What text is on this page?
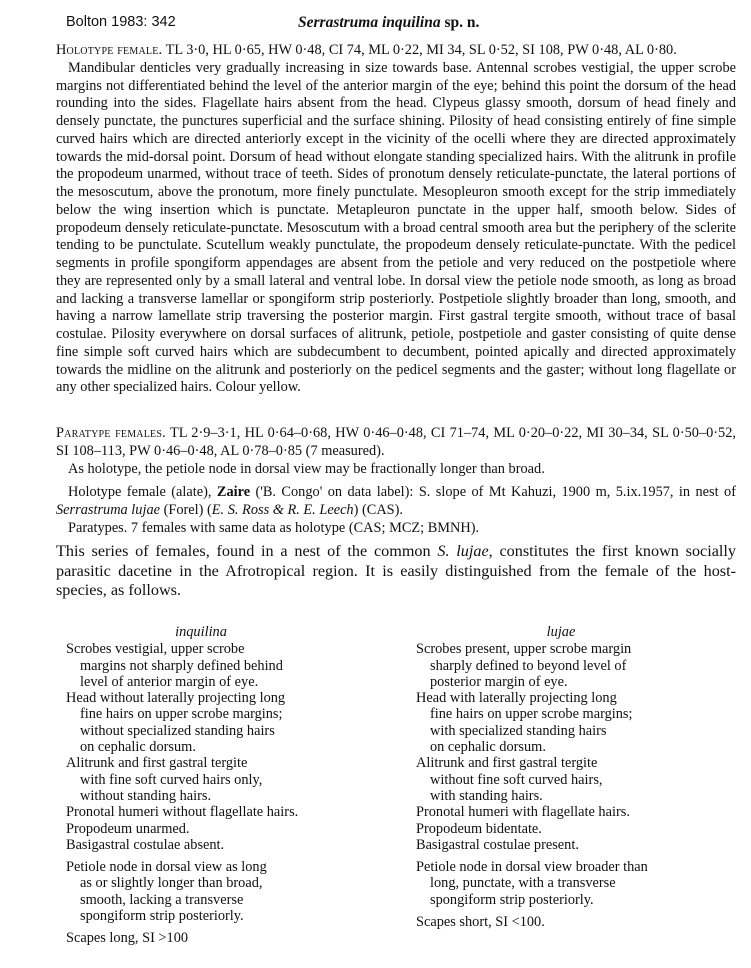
Bolton 1983: 342	Serrastruma inquilina sp. n.
Holotype female. TL 3·0, HL 0·65, HW 0·48, CI 74, ML 0·22, MI 34, SL 0·52, SI 108, PW 0·48, AL 0·80.
Mandibular denticles very gradually increasing in size towards base. Antennal scrobes vestigial, the upper scrobe margins not differentiated behind the level of the anterior margin of the eye; behind this point the dorsum of the head rounding into the sides. Flagellate hairs absent from the head. Clypeus glassy smooth, dorsum of head finely and densely punctate, the punctures superficial and the surface shining. Pilosity of head consisting entirely of fine simple curved hairs which are directed anteriorly except in the vicinity of the ocelli where they are directed approximately towards the mid-dorsal point. Dorsum of head without elongate standing specialized hairs. With the alitrunk in profile the propodeum unarmed, without trace of teeth. Sides of pronotum densely reticulate-punctate, the lateral portions of the mesoscutum, above the pronotum, more finely punctulate. Mesopleuron smooth except for the strip immediately below the wing insertion which is punctate. Metapleuron punctate in the upper half, smooth below. Sides of propodeum densely reticulate-punctate. Mesoscutum with a broad central smooth area but the periphery of the sclerite tending to be punctulate. Scutellum weakly punctulate, the propodeum densely reticulate-punctate. With the pedicel segments in profile spongiform appendages are absent from the petiole and very reduced on the postpetiole where they are represented only by a small lateral and ventral lobe. In dorsal view the petiole node smooth, as long as broad and lacking a transverse lamellar or spongiform strip posteriorly. Postpetiole slightly broader than long, smooth, and having a narrow lamellate strip traversing the posterior margin. First gastral tergite smooth, without trace of basal costulae. Pilosity everywhere on dorsal surfaces of alitrunk, petiole, postpetiole and gaster consisting of quite dense fine simple soft curved hairs which are subdecumbent to decumbent, pointed apically and directed approximately towards the midline on the alitrunk and posteriorly on the pedicel segments and the gaster; without long flagellate or any other specialized hairs. Colour yellow.
Paratype females. TL 2·9–3·1, HL 0·64–0·68, HW 0·46–0·48, CI 71–74, ML 0·20–0·22, MI 30–34, SL 0·50–0·52, SI 108–113, PW 0·46–0·48, AL 0·78–0·85 (7 measured).
As holotype, the petiole node in dorsal view may be fractionally longer than broad.
Holotype female (alate), Zaire ('B. Congo' on data label): S. slope of Mt Kahuzi, 1900 m, 5.ix.1957, in nest of Serrastruma lujae (Forel) (E. S. Ross & R. E. Leech) (CAS).
Paratypes. 7 females with same data as holotype (CAS; MCZ; BMNH).
This series of females, found in a nest of the common S. lujae, constitutes the first known socially parasitic dacetine in the Afrotropical region. It is easily distinguished from the female of the host-species, as follows.
inquilina
Scrobes vestigial, upper scrobe
margins not sharply defined behind
level of anterior margin of eye.
Head without laterally projecting long
fine hairs on upper scrobe margins;
without specialized standing hairs
on cephalic dorsum.
Alitrunk and first gastral tergite
with fine soft curved hairs only,
without standing hairs.
Pronotal humeri without flagellate hairs.
Propodeum unarmed.
Basigastral costulae absent.
Petiole node in dorsal view as long
as or slightly longer than broad,
smooth, lacking a transverse
spongiform strip posteriorly.
Scapes long, SI >100
lujae
Scrobes present, upper scrobe margin
sharply defined to beyond level of
posterior margin of eye.
Head with laterally projecting long
fine hairs on upper scrobe margins;
with specialized standing hairs
on cephalic dorsum.
Alitrunk and first gastral tergite
without fine soft curved hairs,
with standing hairs.
Pronotal humeri with flagellate hairs.
Propodeum bidentate.
Basigastral costulae present.
Petiole node in dorsal view broader than
long, punctate, with a transverse
spongiform strip posteriorly.
Scapes short, SI <100.
